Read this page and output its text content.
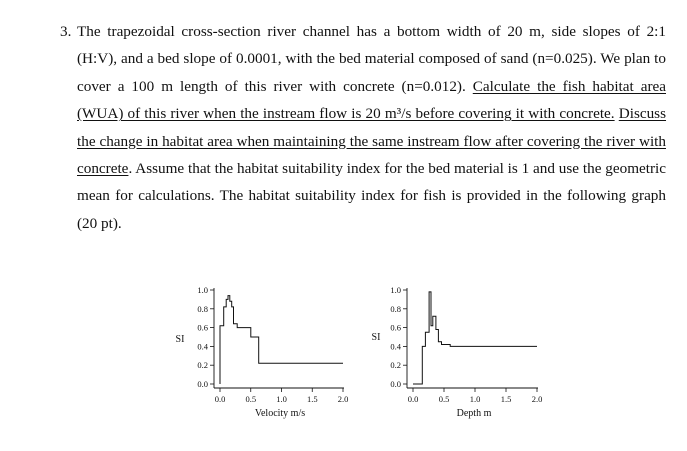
3. The trapezoidal cross-section river channel has a bottom width of 20 m, side slopes of 2:1 (H:V), and a bed slope of 0.0001, with the bed material composed of sand (n=0.025). We plan to cover a 100 m length of this river with concrete (n=0.012). Calculate the fish habitat area (WUA) of this river when the instream flow is 20 m³/s before covering it with concrete. Discuss the change in habitat area when maintaining the same instream flow after covering the river with concrete. Assume that the habitat suitability index for the bed material is 1 and use the geometric mean for calculations. The habitat suitability index for fish is provided in the following graph (20 pt).
SI
0.0
0.2
0.4
0.6
0.8
1.0
0.0 0.5 1.0 1.5 2.0
Velocity m/s
SI
0.0
0.2
0.4
0.6
0.8
1.0
0.0 0.5 1.0 1.5 2.0
Depth m
